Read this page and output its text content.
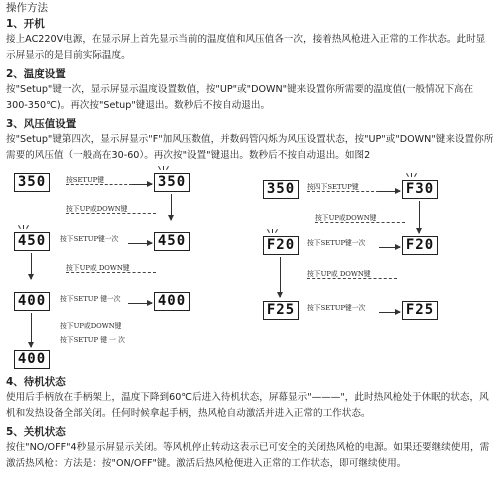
操作方法

1、开机

接上AC220V电源，在显示屏上首先显示当前的温度值和风压值各一次，接着热风枪进入正常的工作状态。此时显示屏显示的是目前实际温度。

2、温度设置

按"Setup"键一次，显示屏显示温度设置数值，按"UP"或"DOWN"键来设置你所需要的温度值(一般情况下高在300-350℃)。再次按"Setup"键退出。数秒后不按自动退出。

3、风压值设置

按"Setup"键第四次，显示屏显示"F"加风压数值，并数码管闪烁为风压设置状态，按"UP"或"DOWN"键来设置你所需要的风压值（一般高在30-60）。再次按"设置"键退出。数秒后不按自动退出。如图2

350	按SETUP键	350
按下UP或DOWN键
450	按下SETUP键一次	450
按下UP或 DOWN键
400	按下SETUP 键一次	400
按下UP或DOWN键
按下SETUP 键 一 次
400
350	按四下SETUP键	F30
按下UP或DOWN键
F20	按下SETUP键一次	F20
按下UP或 DOWN键
F25	按下SETUP键一次	F25

4、待机状态

使用后手柄放在手柄架上，温度下降到60℃后进入待机状态，屏幕显示"———"，此时热风枪处于休眠的状态，风机和发热设备全部关闭。任何时候拿起手柄，热风枪自动激活并进入正常的工作状态。

5、关机状态

按住"NO/OFF"4秒显示屏显示关闭。等风机停止转动这表示已可安全的关闭热风枪的电源。如果还要继续使用，需激活热风枪：方法是：按"ON/OFF"键。激活后热风枪便进入正常的工作状态，即可继续使用。
